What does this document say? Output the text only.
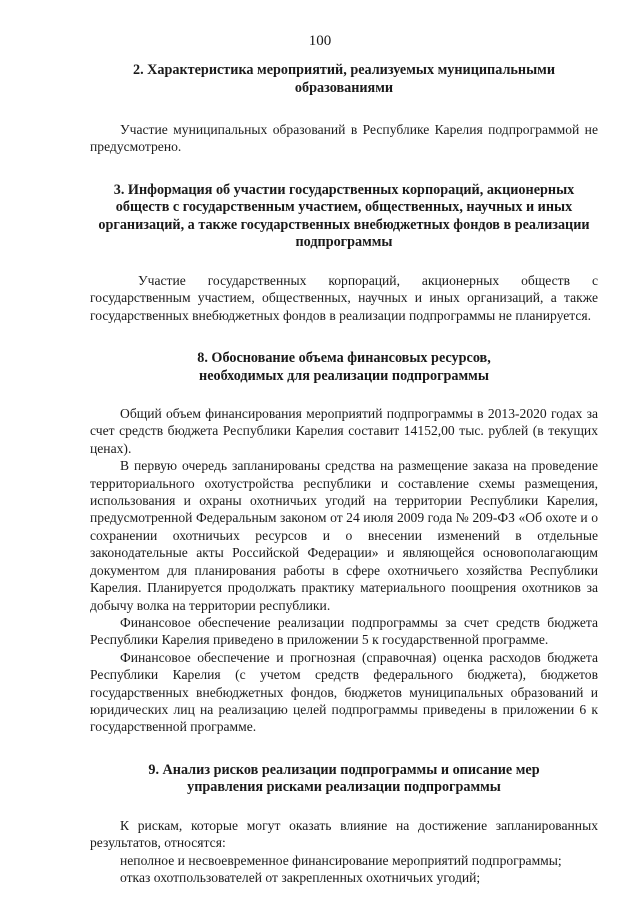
100

2. Характеристика мероприятий, реализуемых муниципальными образованиями

Участие муниципальных образований в Республике Карелия подпрограммой не предусмотрено.

3. Информация об участии государственных корпораций, акционерных обществ с государственным участием, общественных, научных и иных организаций, а также государственных внебюджетных фондов в реализации подпрограммы

Участие государственных корпораций, акционерных обществ с государственным участием, общественных, научных и иных организаций, а также государственных внебюджетных фондов в реализации подпрограммы не планируется.

8. Обоснование объема финансовых ресурсов, необходимых для реализации подпрограммы

Общий объем финансирования мероприятий подпрограммы в 2013-2020 годах за счет средств бюджета Республики Карелия составит 14152,00 тыс. рублей (в текущих ценах).

В первую очередь запланированы средства на размещение заказа на проведение территориального охотустройства республики и составление схемы размещения, использования и охраны охотничьих угодий на территории Республики Карелия, предусмотренной Федеральным законом от 24 июля 2009 года № 209-ФЗ «Об охоте и о сохранении охотничьих ресурсов и о внесении изменений в отдельные законодательные акты Российской Федерации» и являющейся основополагающим документом для планирования работы в сфере охотничьего хозяйства Республики Карелия. Планируется продолжать практику материального поощрения охотников за добычу волка на территории республики.

Финансовое обеспечение реализации подпрограммы за счет средств бюджета Республики Карелия приведено в приложении 5 к государственной программе.

Финансовое обеспечение и прогнозная (справочная) оценка расходов бюджета Республики Карелия (с учетом средств федерального бюджета), бюджетов государственных внебюджетных фондов, бюджетов муниципальных образований и юридических лиц на реализацию целей подпрограммы приведены в приложении 6 к государственной программе.

9. Анализ рисков реализации подпрограммы и описание мер управления рисками реализации подпрограммы

К рискам, которые могут оказать влияние на достижение запланированных результатов, относятся:

неполное и несвоевременное финансирование мероприятий подпрограммы;

отказ охотпользователей от закрепленных охотничьих угодий;
